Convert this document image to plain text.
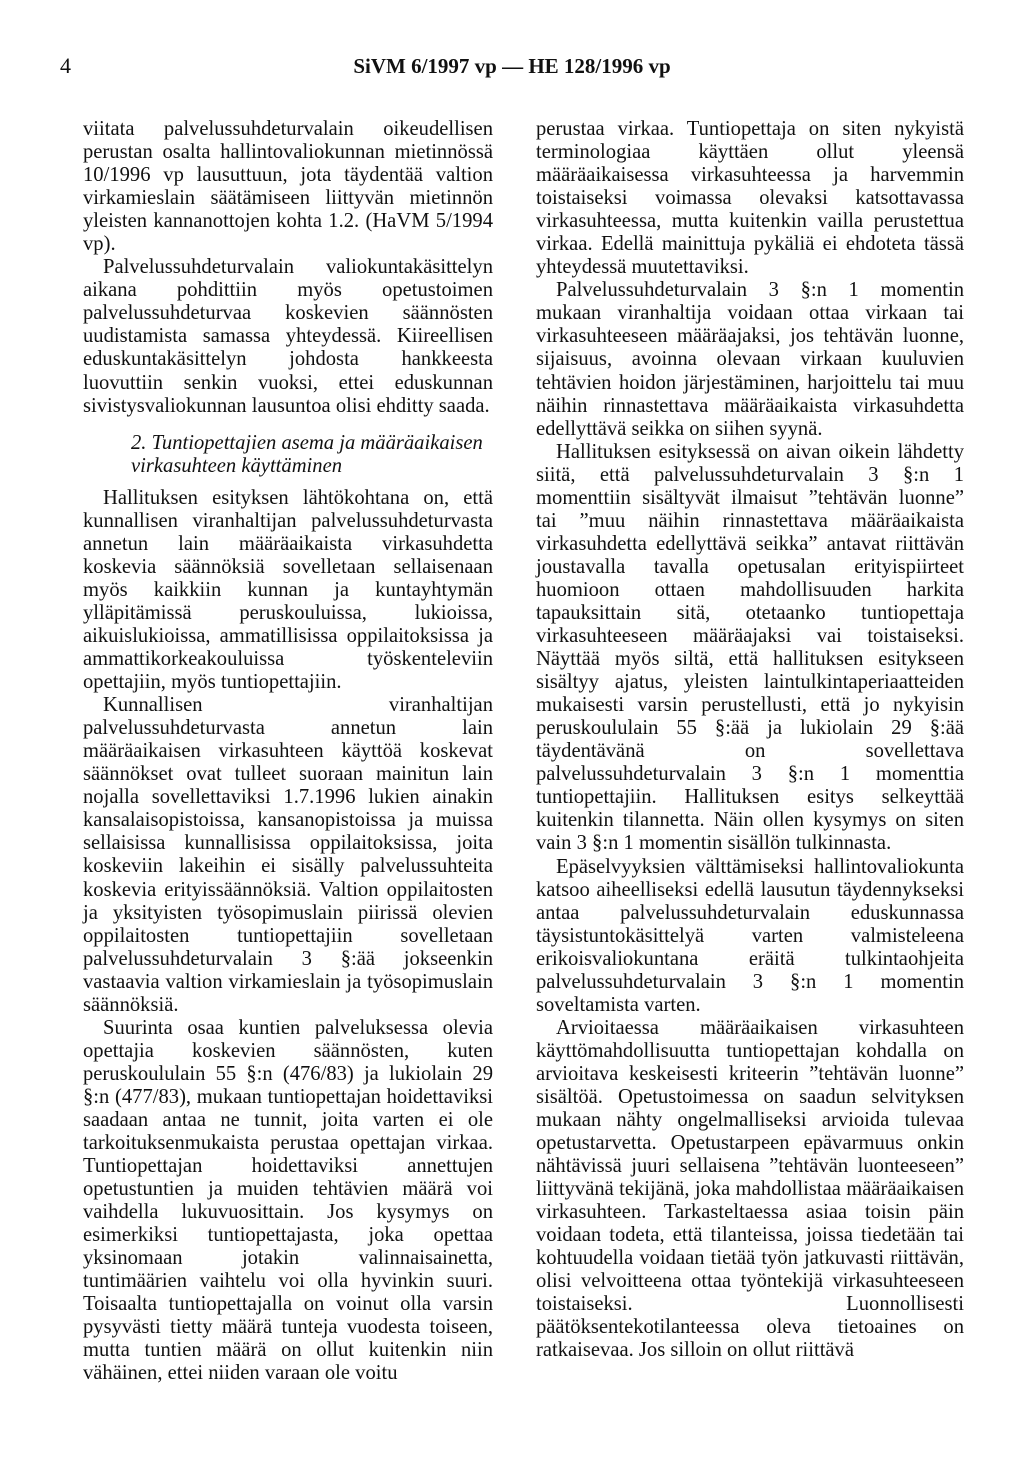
4	SiVM 6/1997 vp — HE 128/1996 vp

viitata palvelussuhdeturvalain oikeudellisen perustan osalta hallintovaliokunnan mietinnössä 10/1996 vp lausuttuun, jota täydentää valtion virkamieslain säätämiseen liittyvän mietinnön yleisten kannanottojen kohta 1.2. (HaVM 5/1994 vp).

Palvelussuhdeturvalain valiokuntakäsittelyn aikana pohdittiin myös opetustoimen palvelussuhdeturvaa koskevien säännösten uudistamista samassa yhteydessä. Kiireellisen eduskuntakäsittelyn johdosta hankkeesta luovuttiin senkin vuoksi, ettei eduskunnan sivistysvaliokunnan lausuntoa olisi ehditty saada.

2. Tuntiopettajien asema ja määräaikaisen virkasuhteen käyttäminen

Hallituksen esityksen lähtökohtana on, että kunnallisen viranhaltijan palvelussuhdeturvasta annetun lain määräaikaista virkasuhdetta koskevia säännöksiä sovelletaan sellaisenaan myös kaikkiin kunnan ja kuntayhtymän ylläpitämissä peruskouluissa, lukioissa, aikuislukioissa, ammatillisissa oppilaitoksissa ja ammattikorkeakouluissa työskenteleviin opettajiin, myös tuntiopettajiin.

Kunnallisen viranhaltijan palvelussuhdeturvasta annetun lain määräaikaisen virkasuhteen käyttöä koskevat säännökset ovat tulleet suoraan mainitun lain nojalla sovellettaviksi 1.7.1996 lukien ainakin kansalaisopistoissa, kansanopistoissa ja muissa sellaisissa kunnallisissa oppilaitoksissa, joita koskeviin lakeihin ei sisälly palvelussuhteita koskevia erityissäännöksiä. Valtion oppilaitosten ja yksityisten työsopimuslain piirissä olevien oppilaitosten tuntiopettajiin sovelletaan palvelussuhdeturvalain 3 §:ää jokseenkin vastaavia valtion virkamieslain ja työsopimuslain säännöksiä.

Suurinta osaa kuntien palveluksessa olevia opettajia koskevien säännösten, kuten peruskoululain 55 §:n (476/83) ja lukiolain 29 §:n (477/83), mukaan tuntiopettajan hoidettaviksi saadaan antaa ne tunnit, joita varten ei ole tarkoituksenmukaista perustaa opettajan virkaa. Tuntiopettajan hoidettaviksi annettujen opetustuntien ja muiden tehtävien määrä voi vaihdella lukuvuosittain. Jos kysymys on esimerkiksi tuntiopettajasta, joka opettaa yksinomaan jotakin valinnaisainetta, tuntimäärien vaihtelu voi olla hyvinkin suuri. Toisaalta tuntiopettajalla on voinut olla varsin pysyvästi tietty määrä tunteja vuodesta toiseen, mutta tuntien määrä on ollut kuitenkin niin vähäinen, ettei niiden varaan ole voitu

perustaa virkaa. Tuntiopettaja on siten nykyistä terminologiaa käyttäen ollut yleensä määräaikaisessa virkasuhteessa ja harvemmin toistaiseksi voimassa olevaksi katsottavassa virkasuhteessa, mutta kuitenkin vailla perustettua virkaa. Edellä mainittuja pykäliä ei ehdoteta tässä yhteydessä muutettaviksi.

Palvelussuhdeturvalain 3 §:n 1 momentin mukaan viranhaltija voidaan ottaa virkaan tai virkasuhteeseen määräajaksi, jos tehtävän luonne, sijaisuus, avoinna olevaan virkaan kuuluvien tehtävien hoidon järjestäminen, harjoittelu tai muu näihin rinnastettava määräaikaista virkasuhdetta edellyttävä seikka on siihen syynä.

Hallituksen esityksessä on aivan oikein lähdetty siitä, että palvelussuhdeturvalain 3 §:n 1 momenttiin sisältyvät ilmaisut ”tehtävän luonne” tai ”muu näihin rinnastettava määräaikaista virkasuhdetta edellyttävä seikka” antavat riittävän joustavalla tavalla opetusalan erityispiirteet huomioon ottaen mahdollisuuden harkita tapauksittain sitä, otetaanko tuntiopettaja virkasuhteeseen määräajaksi vai toistaiseksi. Näyttää myös siltä, että hallituksen esitykseen sisältyy ajatus, yleisten laintulkintaperiaatteiden mukaisesti varsin perustellusti, että jo nykyisin peruskoululain 55 §:ää ja lukiolain 29 §:ää täydentävänä on sovellettava palvelussuhdeturvalain 3 §:n 1 momenttia tuntiopettajiin. Hallituksen esitys selkeyttää kuitenkin tilannetta. Näin ollen kysymys on siten vain 3 §:n 1 momentin sisällön tulkinnasta.

Epäselvyyksien välttämiseksi hallintovaliokunta katsoo aiheelliseksi edellä lausutun täydennykseksi antaa palvelussuhdeturvalain eduskunnassa täysistuntokäsittelyä varten valmisteleena erikoisvaliokuntana eräitä tulkintaohjeita palvelussuhdeturvalain 3 §:n 1 momentin soveltamista varten.

Arvioitaessa määräaikaisen virkasuhteen käyttömahdollisuutta tuntiopettajan kohdalla on arvioitava keskeisesti kriteerin ”tehtävän luonne” sisältöä. Opetustoimessa on saadun selvityksen mukaan nähty ongelmalliseksi arvioida tulevaa opetustarvetta. Opetustarpeen epävarmuus onkin nähtävissä juuri sellaisena ”tehtävän luonteeseen” liittyvänä tekijänä, joka mahdollistaa määräaikaisen virkasuhteen. Tarkasteltaessa asiaa toisin päin voidaan todeta, että tilanteissa, joissa tiedetään tai kohtuudella voidaan tietää työn jatkuvasti riittävän, olisi velvoitteena ottaa työntekijä virkasuhteeseen toistaiseksi. Luonnollisesti päätöksentekotilanteessa oleva tietoaines on ratkaisevaa. Jos silloin on ollut riittävä
